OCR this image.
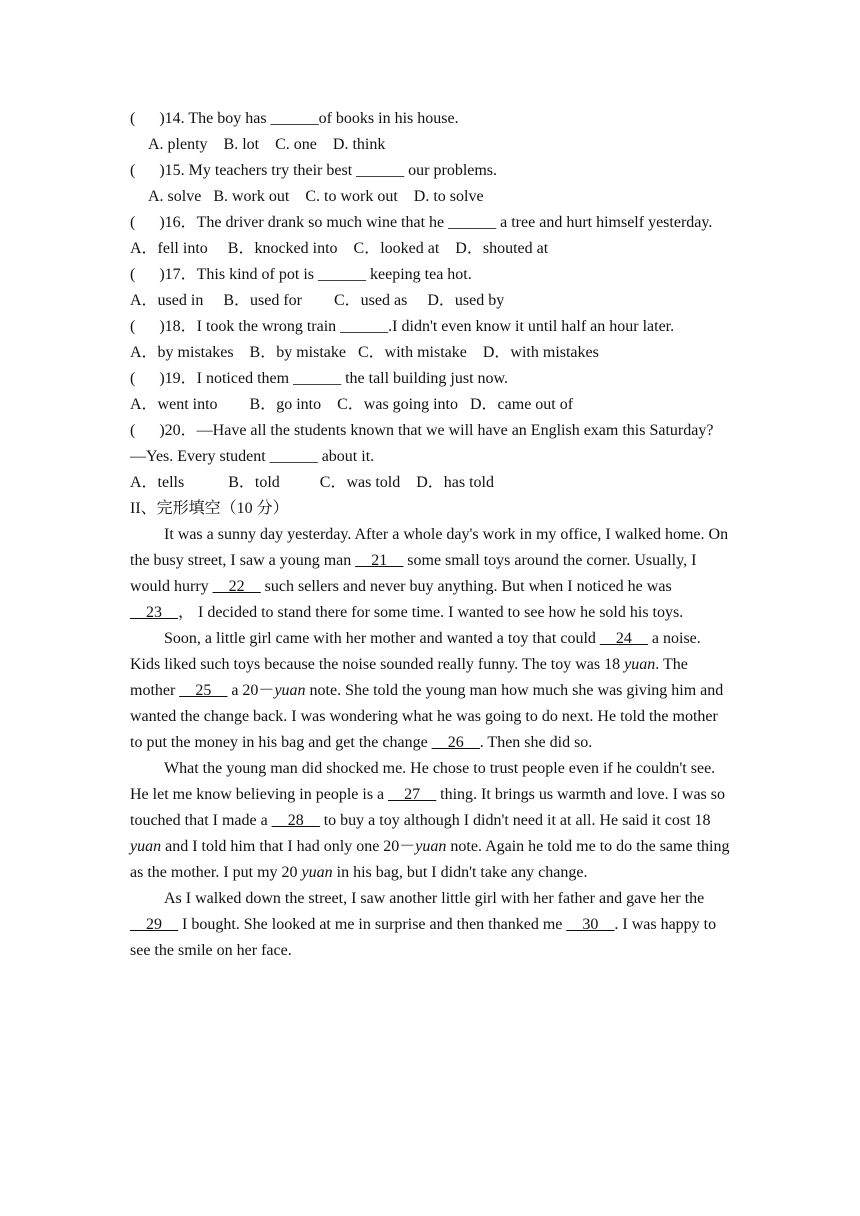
(      )14. The boy has ______of books in his house.

A. plenty    B. lot    C. one    D. think

(      )15. My teachers try their best ______ our problems.

A. solve   B. work out    C. to work out    D. to solve

(      )16．The driver drank so much wine that he ______ a tree and hurt himself yesterday.

A．fell into     B．knocked into    C．looked at    D．shouted at

(      )17．This kind of pot is ______ keeping tea hot.

A．used in     B．used for        C．used as     D．used by

(      )18．I took the wrong train ______.I didn't even know it until half an hour later.

A．by mistakes    B．by mistake   C．with mistake    D．with mistakes

(      )19．I noticed them ______ the tall building just now.

A．went into        B．go into    C．was going into   D．came out of

(      )20．—Have all the students known that we will have an English exam this Saturday?

—Yes. Every student ______ about it.

A．tells           B．told          C．was told    D．has told

II、完形填空（10 分）

It was a sunny day yesterday. After a whole day's work in my office, I walked home. On the busy street, I saw a young man __21__ some small toys around the corner. Usually, I would hurry __22__ such sellers and never buy anything. But when I noticed he was __23__， I decided to stand there for some time. I wanted to see how he sold his toys.

Soon, a little girl came with her mother and wanted a toy that could __24__ a noise. Kids liked such toys because the noise sounded really funny. The toy was 18 yuan. The mother __25__ a 20－yuan note. She told the young man how much she was giving him and wanted the change back. I was wondering what he was going to do next. He told the mother to put the money in his bag and get the change __26__. Then she did so.

What the young man did shocked me. He chose to trust people even if he couldn't see. He let me know believing in people is a __27__ thing. It brings us warmth and love. I was so touched that I made a __28__ to buy a toy although I didn't need it at all. He said it cost 18 yuan and I told him that I had only one 20－yuan note. Again he told me to do the same thing as the mother. I put my 20 yuan in his bag, but I didn't take any change.

As I walked down the street, I saw another little girl with her father and gave her the __29__ I bought. She looked at me in surprise and then thanked me __30__. I was happy to see the smile on her face.
